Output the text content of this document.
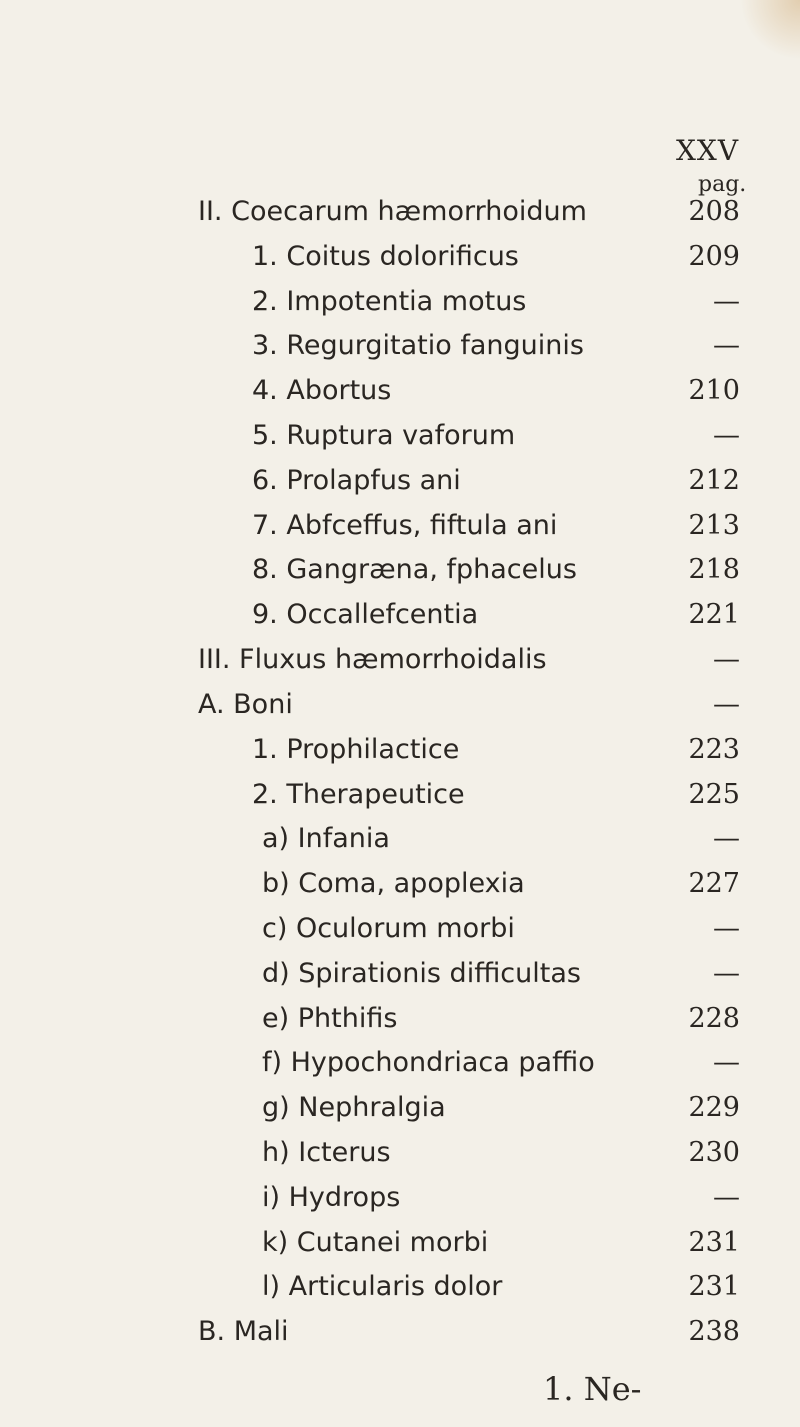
XXV
pag.
II. Coecarum hæmorrhoidum	208
1. Coitus dolorificus	209
2. Impotentia motus	—
3. Regurgitatio fanguinis	—
4. Abortus	210
5. Ruptura vaforum	—
6. Prolapfus ani	212
7. Abfceffus, fiftula ani	213
8. Gangræna, fphacelus	218
9. Occallefcentia	221
III. Fluxus hæmorrhoidalis	—
A. Boni	—
1. Prophilactice	223
2. Therapeutice	225
a) Infania	—
b) Coma, apoplexia	227
c) Oculorum morbi	—
d) Spirationis difficultas	—
e) Phthifis	228
f) Hypochondriaca paffio	—
g) Nephralgia	229
h) Icterus	230
i) Hydrops	—
k) Cutanei morbi	231
l) Articularis dolor	231
B. Mali	238
1. Ne-
